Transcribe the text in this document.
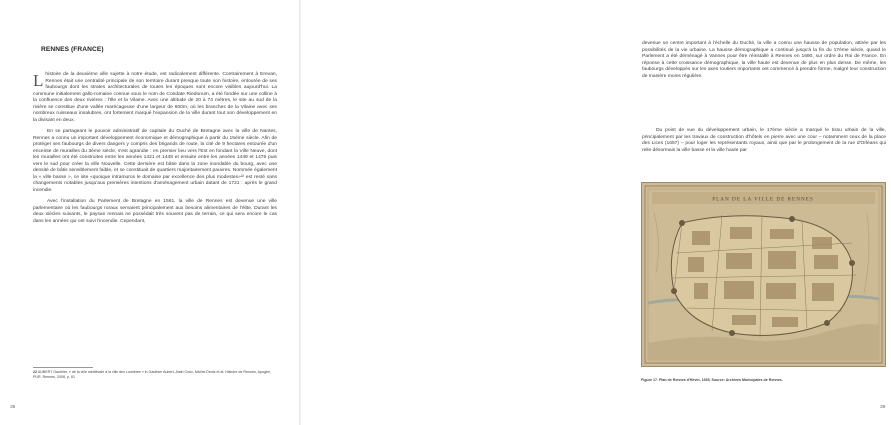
RENNES (FRANCE)

Lhistoire de la deuxième ville sujette à notre étude, est radicalement différente. Contrairement à Erevan, Rennes était une centralité principale de son territoire durant presque toute son histoire, entourée de ses faubourgs dont les strates architecturales de toutes les époques sont encore visibles aujourd'hui. La commune initialement gallo-romaine connue sous le nom de Condate Riedonum, a été fondée sur une colline à la confluence des deux rivières : l'Ille et la Vilaine. Avec une altitude de 20 à 74 mètres, le site au sud de la rivière se constitue d'une vallée marécageuse d'une largeur de 600m, où les branches de la Vilaine avec ses nombreux ruisseaux insalubres, ont fortement marqué l'expansion de la ville durant tout son développement en la divisant en deux.

En se partageant le pouvoir administratif de capitale du Duché de Bretagne avec la ville de Nantes, Rennes a connu un important développement économique et démographique à partir du 15ème siècle. Afin de protéger ses faubourgs de divers dangers y compris des brigands de route, la cité de 9 hectares entourée d'un enceinte de murailles du 3ème siècle, s'est agrandie : en premier lieu vers l'Est en fondant la Ville Neuve, dont les murailles ont été construites entre les années 1421 et 1448 et ensuite entre les années 1449 et 1476 puis vers le sud pour créer la ville Nouvelle. Cette dernière est bâtie dans la zone inondable du bourg, avec une densité de bâtis sensiblement faible, et se constituait de quartiers majoritairement pauvres. Nommée également la « ville basse », ce site «quoique intramuros le domaine par excellence des plus modestes»²² est resté sans changements notables jusqu'aux premières intentions d'aménagement urbain datant de 1721 : après le grand incendie.

Avec l'installation du Parlement de Bretagne en 1561, la ville de Rennes est devenue une ville parlementaire où les faubourgs ruraux servaient principalement aux besoins alimentaires de l'élite. Durant les deux siècles suivants, le paysan rennais ne possédait très souvent pas de terrain, ce qui sera encore le cas dans les années qui ont suivi l'incendie. Cependant,

22 AUBERT Gauthier, « de la ville médiévale à la ville des Lumières » in Gauthier Aubert, Alain Croix, Michel Denis et al. Histoire de Rennes, Apogée, PUR, Rennes, 2008, p. 61
38

devenue un centre important à l'échelle du Duché, la ville a connu une hausse de population, attirée par les possibilités de la vie urbaine. La hausse démographique a continué jusqu'à la fin du 17ème siècle, quand le Parlement a été déménagé à Vannes pour être réinstallé à Rennes en 1690, sur ordre du Roi de France. En réponse à cette croissance démographique, la ville haute est devenue de plus en plus dense. De même, les faubourgs développés sur les axes routiers importants ont commencé à prendre forme, malgré leur construction de manière moins régulière.

Du point de vue du développement urbain, le 17ème siècle a marqué le tissu urbain de la ville, principalement par les travaux de construction d'hôtels en pierre avec une cour – notamment ceux de la place des Lices (1657) – pour loger les représentants royaux, ainsi que par le prolongement de la rue d'Orléans qui relie désormais la ville basse et la ville haute par

PLAN DE LA VILLE DE RENNES
Figure 17. Plan de Rennes d'Hévin, 1665. Source: Archives Municipales de Rennes.
39
